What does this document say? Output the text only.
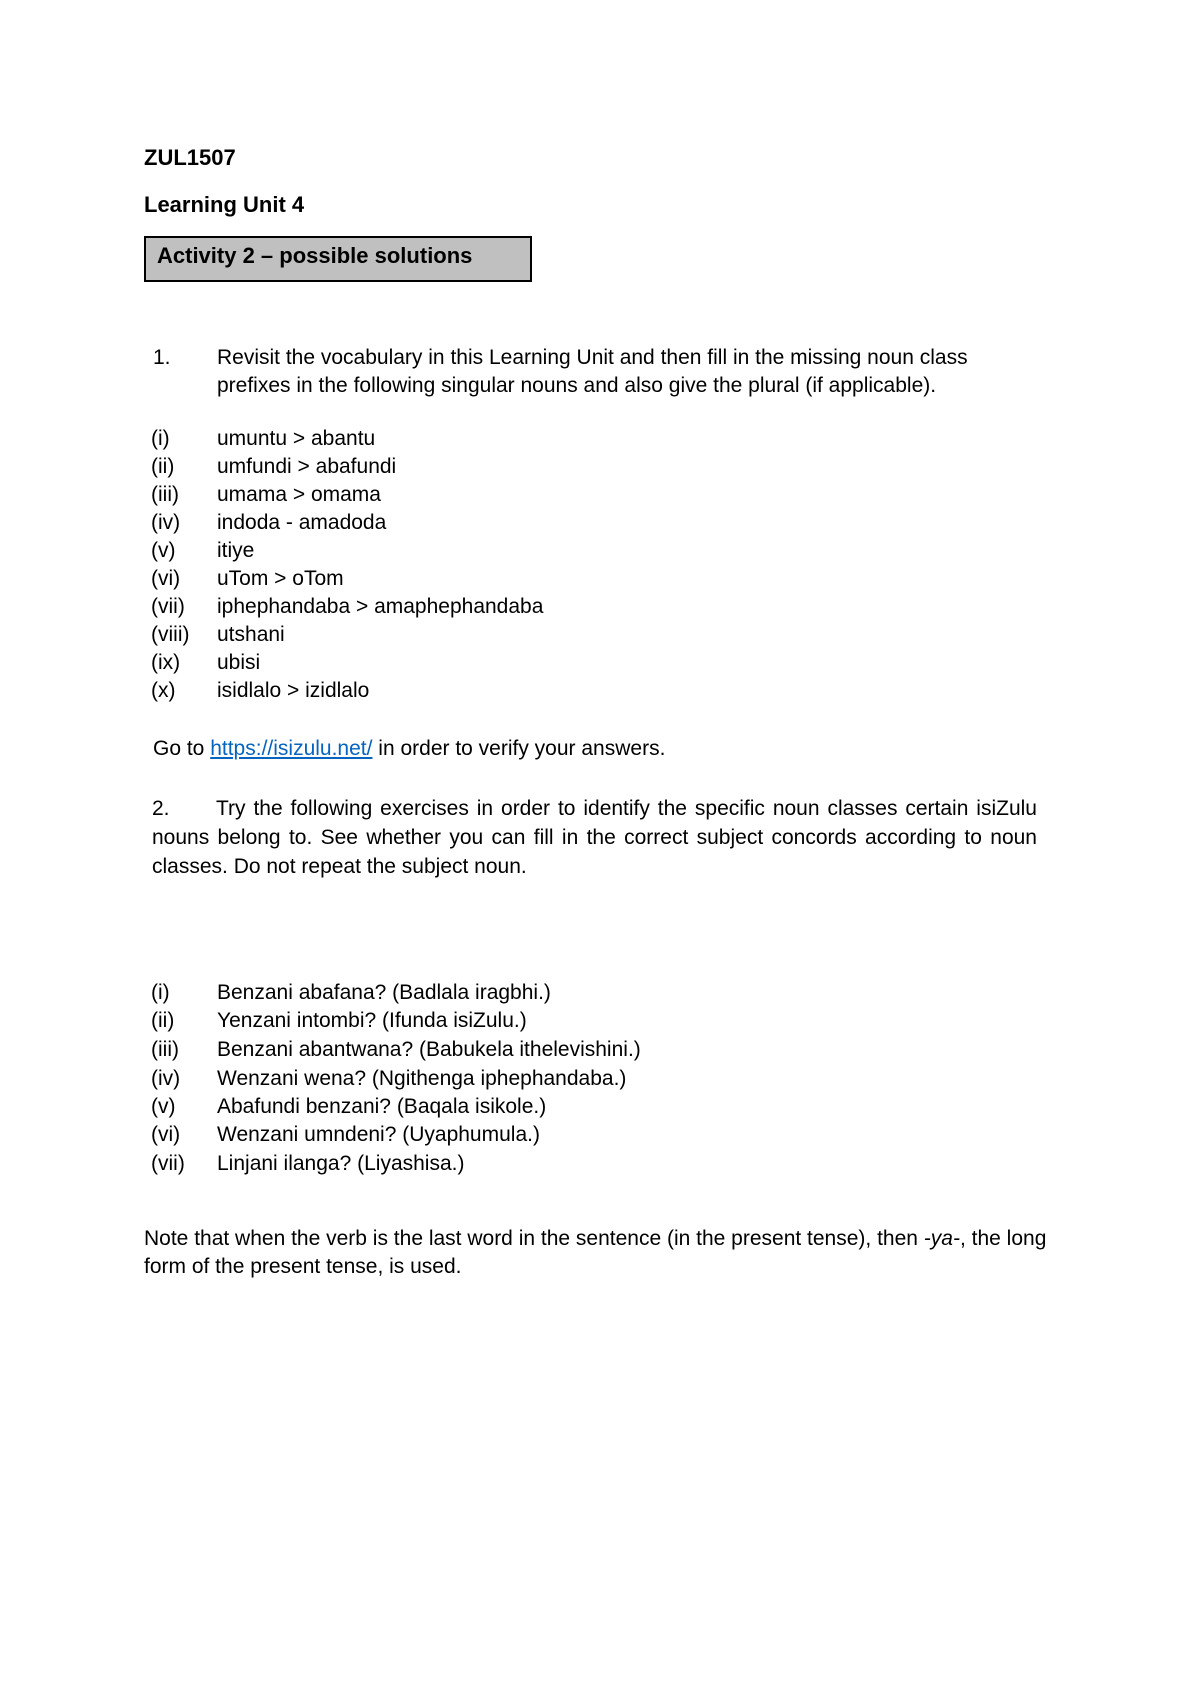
ZUL1507
Learning Unit 4
Activity 2 – possible solutions
1. Revisit the vocabulary in this Learning Unit and then fill in the missing noun class
prefixes in the following singular nouns and also give the plural (if applicable).
(i) umuntu > abantu
(ii) umfundi > abafundi
(iii) umama > omama
(iv) indoda - amadoda
(v) itiye
(vi) uTom > oTom
(vii) iphephandaba > amaphephandaba
(viii) utshani
(ix) ubisi
(x) isidlalo > izidlalo
Go to https://isizulu.net/ in order to verify your answers.
2. Try the following exercises in order to identify the specific noun classes certain isiZulu nouns belong to. See whether you can fill in the correct subject concords according to noun classes. Do not repeat the subject noun.
(i) Benzani abafana? (Badlala iragbhi.)
(ii) Yenzani intombi? (Ifunda isiZulu.)
(iii) Benzani abantwana? (Babukela ithelevishini.)
(iv) Wenzani wena? (Ngithenga iphephandaba.)
(v) Abafundi benzani? (Baqala isikole.)
(vi) Wenzani umndeni? (Uyaphumula.)
(vii) Linjani ilanga? (Liyashisa.)
Note that when the verb is the last word in the sentence (in the present tense), then -ya-, the long form of the present tense, is used.
